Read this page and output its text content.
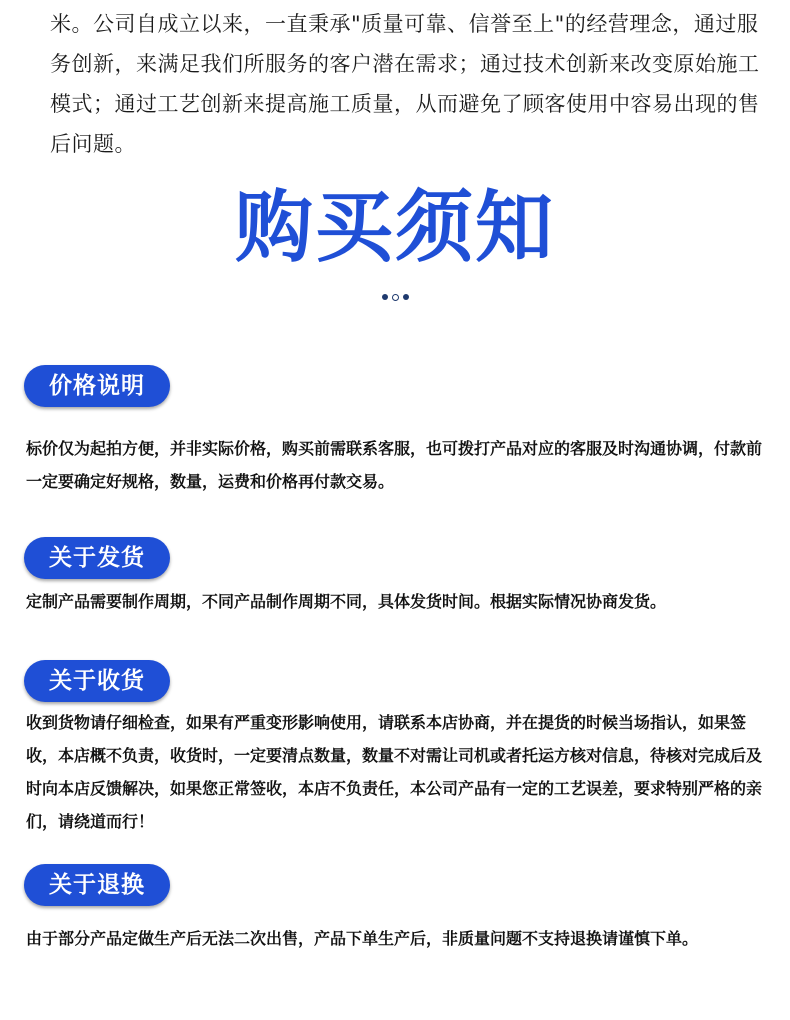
米。公司自成立以来，一直秉承"质量可靠、信誉至上"的经营理念，通过服务创新，来满足我们所服务的客户潜在需求；通过技术创新来改变原始施工模式；通过工艺创新来提高施工质量，从而避免了顾客使用中容易出现的售后问题。
购买须知
价格说明
标价仅为起拍方便，并非实际价格，购买前需联系客服，也可拨打产品对应的客服及时沟通协调，付款前一定要确定好规格，数量，运费和价格再付款交易。
关于发货
定制产品需要制作周期，不同产品制作周期不同，具体发货时间。根据实际情况协商发货。
关于收货
收到货物请仔细检查，如果有严重变形影响使用，请联系本店协商，并在提货的时候当场指认，如果签收，本店概不负责，收货时，一定要清点数量，数量不对需让司机或者托运方核对信息，待核对完成后及时向本店反馈解决，如果您正常签收，本店不负责任，本公司产品有一定的工艺误差，要求特别严格的亲们，请绕道而行！
关于退换
由于部分产品定做生产后无法二次出售，产品下单生产后，非质量问题不支持退换请谨慎下单。
